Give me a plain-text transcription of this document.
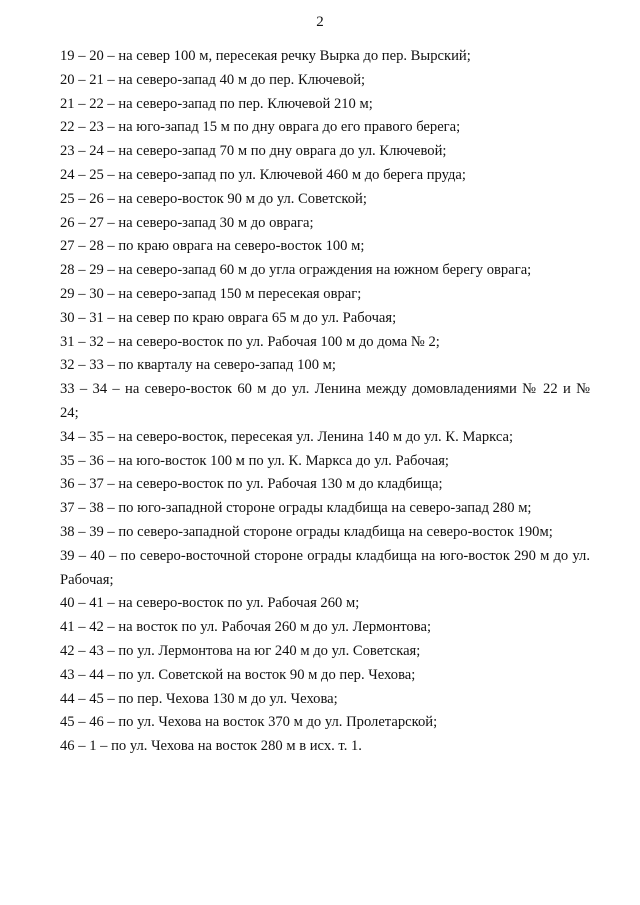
2
19 – 20 – на север 100 м, пересекая речку Вырка до пер. Вырский;
20 – 21 – на северо-запад 40 м до пер. Ключевой;
21 – 22 – на северо-запад по пер. Ключевой 210 м;
22 – 23 – на юго-запад 15 м по дну оврага до его правого берега;
23 – 24 – на северо-запад 70 м по дну оврага до ул. Ключевой;
24 – 25 – на северо-запад по ул. Ключевой 460 м до берега пруда;
25 – 26 – на северо-восток 90 м до ул. Советской;
26 – 27 – на северо-запад 30 м до оврага;
27 – 28 – по краю оврага на северо-восток 100 м;
28 – 29 – на северо-запад 60 м до угла ограждения на южном берегу оврага;
29 – 30 – на северо-запад 150 м пересекая овраг;
30 – 31 – на север по краю оврага 65 м до ул. Рабочая;
31 – 32 – на северо-восток по ул. Рабочая 100 м до дома № 2;
32 – 33 – по кварталу на северо-запад 100 м;
33 – 34 – на северо-восток 60 м до ул. Ленина между домовладениями № 22 и №
24;
34 – 35 – на северо-восток, пересекая ул. Ленина 140 м до ул. К. Маркса;
35 – 36 – на юго-восток 100 м по ул. К. Маркса до ул. Рабочая;
36 – 37 – на северо-восток по ул. Рабочая 130 м до кладбища;
37 – 38 – по юго-западной стороне ограды кладбища на северо-запад 280 м;
38 – 39 – по северо-западной стороне ограды кладбища на северо-восток 190м;
39 – 40 – по северо-восточной стороне ограды кладбища на юго-восток 290 м до ул.
Рабочая;
40 – 41 – на северо-восток по ул. Рабочая 260 м;
41 – 42 – на восток по ул. Рабочая 260 м до ул. Лермонтова;
42 – 43 – по ул. Лермонтова на юг 240 м до ул. Советская;
43 – 44 – по ул. Советской на восток 90 м до пер. Чехова;
44 – 45 – по пер. Чехова 130 м до ул. Чехова;
45 – 46 – по ул. Чехова на восток 370 м до ул. Пролетарской;
46 – 1 – по ул. Чехова на восток 280 м в исх. т. 1.
